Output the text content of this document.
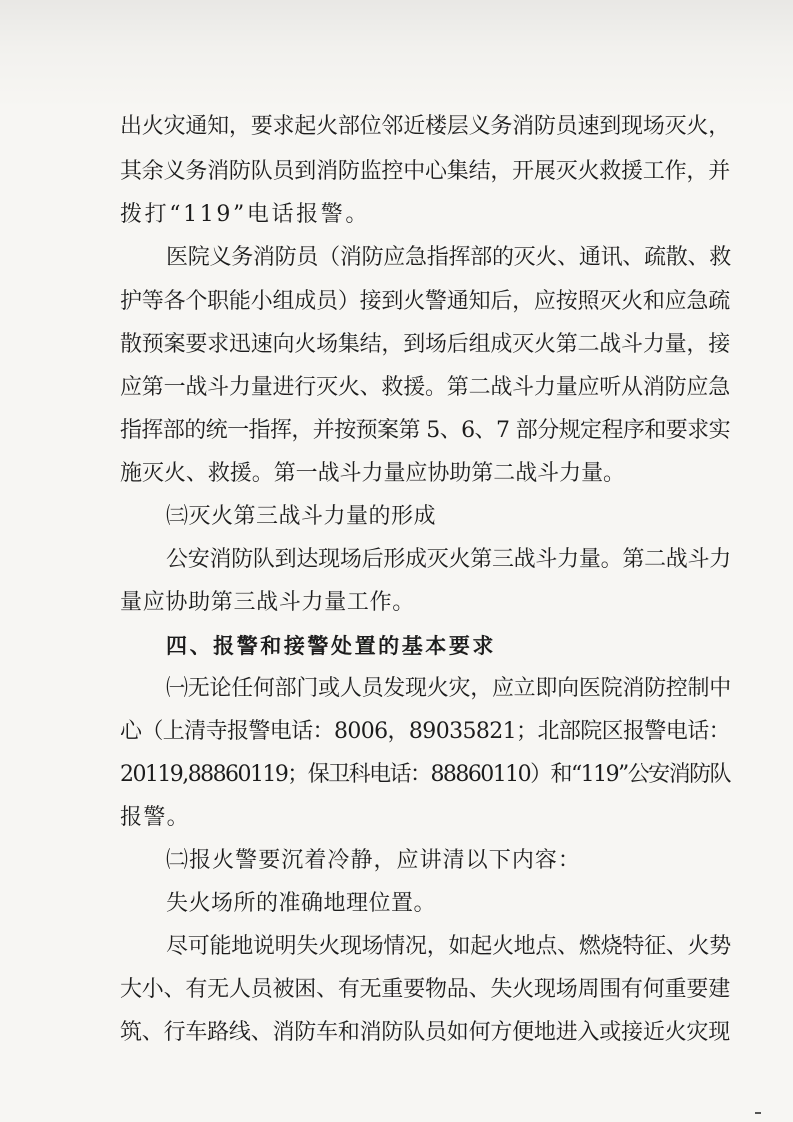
出火灾通知，要求起火部位邻近楼层义务消防员速到现场灭火，
其余义务消防队员到消防监控中心集结，开展灭火救援工作，并
拨打“119”电话报警。
医院义务消防员（消防应急指挥部的灭火、通讯、疏散、救
护等各个职能小组成员）接到火警通知后，应按照灭火和应急疏
散预案要求迅速向火场集结，到场后组成灭火第二战斗力量，接
应第一战斗力量进行灭火、救援。第二战斗力量应听从消防应急
指挥部的统一指挥，并按预案第 5、6、7 部分规定程序和要求实
施灭火、救援。第一战斗力量应协助第二战斗力量。
㈢灭火第三战斗力量的形成
公安消防队到达现场后形成灭火第三战斗力量。第二战斗力
量应协助第三战斗力量工作。
四、报警和接警处置的基本要求
㈠无论任何部门或人员发现火灾，应立即向医院消防控制中
心（上清寺报警电话：8006，89035821；北部院区报警电话：
20119,88860119；保卫科电话：88860110）和“119”公安消防队
报警。
㈡报火警要沉着冷静，应讲清以下内容：
失火场所的准确地理位置。
尽可能地说明失火现场情况，如起火地点、燃烧特征、火势
大小、有无人员被困、有无重要物品、失火现场周围有何重要建
筑、行车路线、消防车和消防队员如何方便地进入或接近火灾现
